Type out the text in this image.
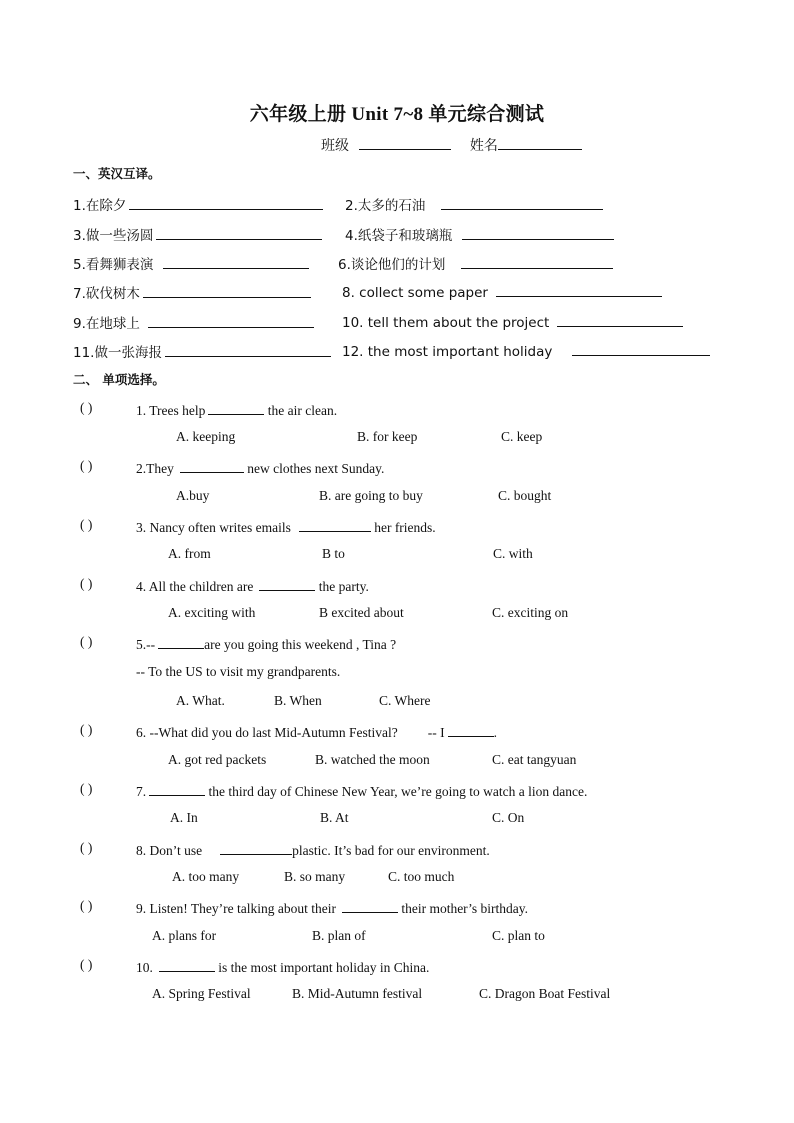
六年级上册 Unit 7~8 单元综合测试
班级	姓名
一、英汉互译。
1.在除夕	2.太多的石油
3.做一些汤圆	4.纸袋子和玻璃瓶
5.看舞狮表演	6.谈论他们的计划
7.砍伐树木	8. collect some paper
9.在地球上	10. tell them about the project
11.做一张海报	12. the most important holiday
二、 单项选择。
( )	1. Trees help	the air clean.
A. keeping	B. for keep	C. keep
( )	2.They	new clothes next Sunday.
A.buy	B. are going to buy	C. bought
( )	3. Nancy often writes emails	her friends.
A. from	B to	C. with
( )	4. All the children are	the party.
A. exciting with	B excited about	C. exciting on
( )	5.--	are you going this weekend , Tina ?
-- To the US to visit my grandparents.
A. What.	B. When	C. Where
( )	6. --What did you do last Mid-Autumn Festival? -- I	.
A. got red packets	B. watched the moon	C. eat tangyuan
( )	7.	the third day of Chinese New Year, we’re going to watch a lion dance.
A. In	B. At	C. On
( )	8. Don’t use	plastic. It’s bad for our environment.
A. too many	B. so many	C. too much
( )	9. Listen! They’re talking about their	their mother’s birthday.
A. plans for	B. plan of	C. plan to
( )	10.	is the most important holiday in China.
A. Spring Festival	B. Mid-Autumn festival	C. Dragon Boat Festival
